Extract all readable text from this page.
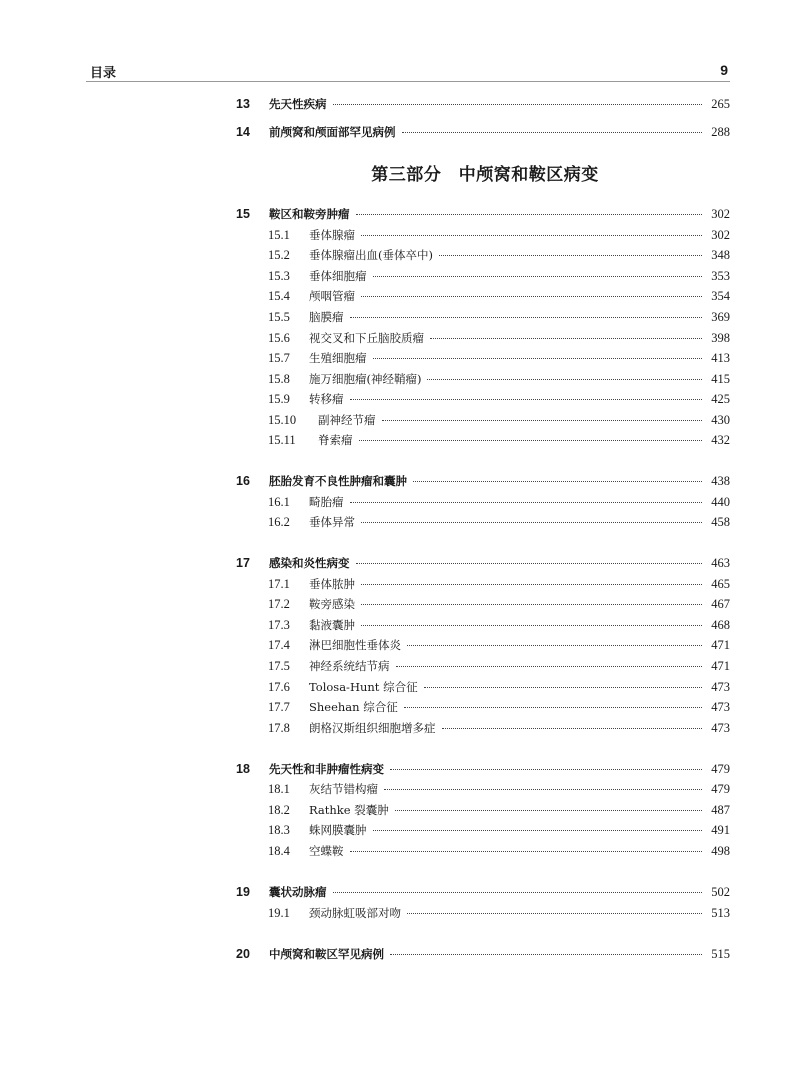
目录	9
13	先天性疾病	265
14	前颅窝和颅面部罕见病例	288
第三部分　中颅窝和鞍区病变
15	鞍区和鞍旁肿瘤	302
15.1	垂体腺瘤	302
15.2	垂体腺瘤出血(垂体卒中)	348
15.3	垂体细胞瘤	353
15.4	颅咽管瘤	354
15.5	脑膜瘤	369
15.6	视交叉和下丘脑胶质瘤	398
15.7	生殖细胞瘤	413
15.8	施万细胞瘤(神经鞘瘤)	415
15.9	转移瘤	425
15.10	副神经节瘤	430
15.11	脊索瘤	432
16	胚胎发育不良性肿瘤和囊肿	438
16.1	畸胎瘤	440
16.2	垂体异常	458
17	感染和炎性病变	463
17.1	垂体脓肿	465
17.2	鞍旁感染	467
17.3	黏液囊肿	468
17.4	淋巴细胞性垂体炎	471
17.5	神经系统结节病	471
17.6	Tolosa-Hunt 综合征	473
17.7	Sheehan 综合征	473
17.8	朗格汉斯组织细胞增多症	473
18	先天性和非肿瘤性病变	479
18.1	灰结节错构瘤	479
18.2	Rathke 裂囊肿	487
18.3	蛛网膜囊肿	491
18.4	空蝶鞍	498
19	囊状动脉瘤	502
19.1	颈动脉虹吸部对吻	513
20	中颅窝和鞍区罕见病例	515
